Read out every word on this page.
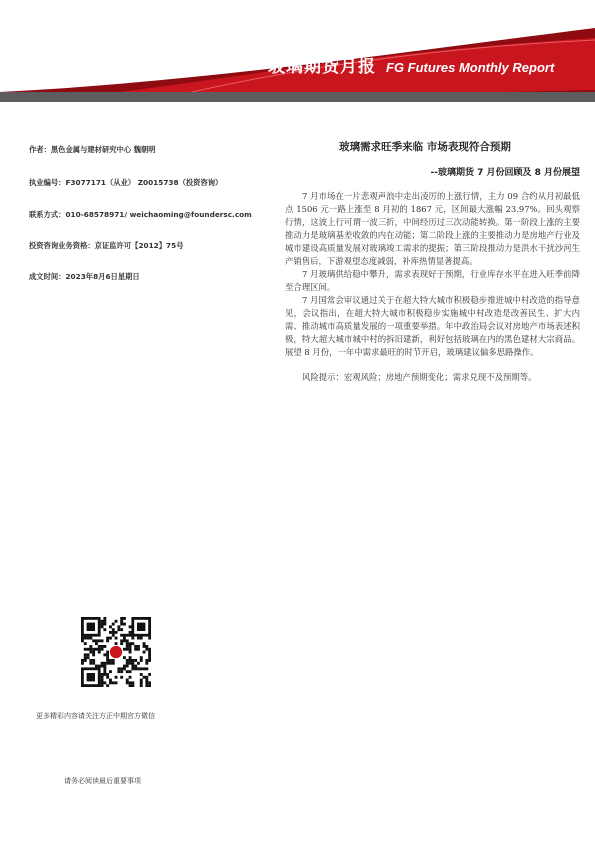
玻璃期货月报 FG Futures Monthly Report
作者：黑色金属与建材研究中心 魏朝明
执业编号：F3077171（从业） Z0015738（投资咨询）
联系方式：010-68578971/ weichaoming@foundersc.com
投资咨询业务资格：京证监许可【2012】75号
成文时间：2023年8月6日星期日
玻璃需求旺季来临 市场表现符合预期
--玻璃期货 7 月份回顾及 8 月份展望

7 月市场在一片悲观声浪中走出凌厉的上涨行情，主力 09 合约从月初最低点 1506 元一路上涨至 8 月初的 1867 元，区间最大涨幅 23.97%。回头观察行情，这波上行可谓一波三折，中间经历过三次动能转换。第一阶段上涨的主要推动力是玻璃基差收敛的内在动能；第二阶段上涨的主要推动力是房地产行业及城市建设高质量发展对玻璃竣工需求的提振；第三阶段推动力是洪水干扰沙河生产销售后，下游观望态度减弱，补库热情显著提高。

7 月玻璃供给稳中攀升，需求表现好于预期，行业库存水平在进入旺季前降至合理区间。

7 月国常会审议通过关于在超大特大城市积极稳步推进城中村改造的指导意见，会议指出，在超大特大城市积极稳步实施城中村改造是改善民生、扩大内需、推动城市高质量发展的一项重要举措。年中政治局会议对房地产市场表述积极，特大超大城市城中村的拆旧建新，利好包括玻璃在内的黑色建材大宗商品。展望 8 月份，一年中需求最旺的时节开启，玻璃建议偏多思路操作。

风险提示：宏观风险；房地产预期变化；需求兑现不及预期等。

更多精彩内容请关注方正中期官方微信
请务必阅读最后重要事项
